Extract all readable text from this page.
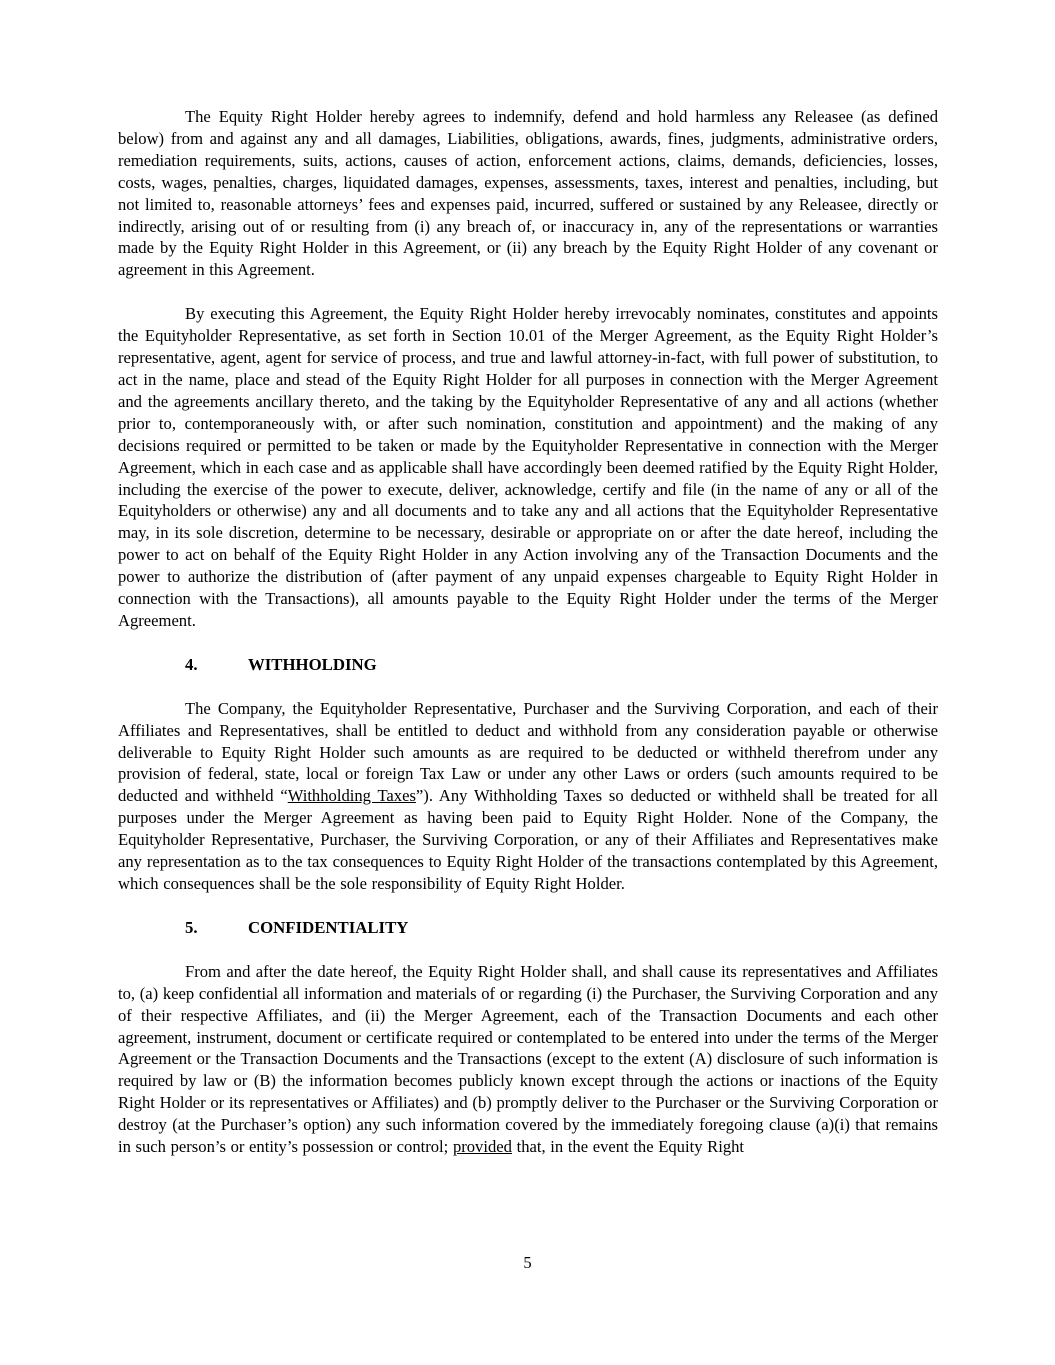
The Equity Right Holder hereby agrees to indemnify, defend and hold harmless any Releasee (as defined below) from and against any and all damages, Liabilities, obligations, awards, fines, judgments, administrative orders, remediation requirements, suits, actions, causes of action, enforcement actions, claims, demands, deficiencies, losses, costs, wages, penalties, charges, liquidated damages, expenses, assessments, taxes, interest and penalties, including, but not limited to, reasonable attorneys’ fees and expenses paid, incurred, suffered or sustained by any Releasee, directly or indirectly, arising out of or resulting from (i) any breach of, or inaccuracy in, any of the representations or warranties made by the Equity Right Holder in this Agreement, or (ii) any breach by the Equity Right Holder of any covenant or agreement in this Agreement.

By executing this Agreement, the Equity Right Holder hereby irrevocably nominates, constitutes and appoints the Equityholder Representative, as set forth in Section 10.01 of the Merger Agreement, as the Equity Right Holder’s representative, agent, agent for service of process, and true and lawful attorney-in-fact, with full power of substitution, to act in the name, place and stead of the Equity Right Holder for all purposes in connection with the Merger Agreement and the agreements ancillary thereto, and the taking by the Equityholder Representative of any and all actions (whether prior to, contemporaneously with, or after such nomination, constitution and appointment) and the making of any decisions required or permitted to be taken or made by the Equityholder Representative in connection with the Merger Agreement, which in each case and as applicable shall have accordingly been deemed ratified by the Equity Right Holder, including the exercise of the power to execute, deliver, acknowledge, certify and file (in the name of any or all of the Equityholders or otherwise) any and all documents and to take any and all actions that the Equityholder Representative may, in its sole discretion, determine to be necessary, desirable or appropriate on or after the date hereof, including the power to act on behalf of the Equity Right Holder in any Action involving any of the Transaction Documents and the power to authorize the distribution of (after payment of any unpaid expenses chargeable to Equity Right Holder in connection with the Transactions), all amounts payable to the Equity Right Holder under the terms of the Merger Agreement.

4.	WITHHOLDING

The Company, the Equityholder Representative, Purchaser and the Surviving Corporation, and each of their Affiliates and Representatives, shall be entitled to deduct and withhold from any consideration payable or otherwise deliverable to Equity Right Holder such amounts as are required to be deducted or withheld therefrom under any provision of federal, state, local or foreign Tax Law or under any other Laws or orders (such amounts required to be deducted and withheld “Withholding Taxes”). Any Withholding Taxes so deducted or withheld shall be treated for all purposes under the Merger Agreement as having been paid to Equity Right Holder. None of the Company, the Equityholder Representative, Purchaser, the Surviving Corporation, or any of their Affiliates and Representatives make any representation as to the tax consequences to Equity Right Holder of the transactions contemplated by this Agreement, which consequences shall be the sole responsibility of Equity Right Holder.

5.	CONFIDENTIALITY

From and after the date hereof, the Equity Right Holder shall, and shall cause its representatives and Affiliates to, (a) keep confidential all information and materials of or regarding (i) the Purchaser, the Surviving Corporation and any of their respective Affiliates, and (ii) the Merger Agreement, each of the Transaction Documents and each other agreement, instrument, document or certificate required or contemplated to be entered into under the terms of the Merger Agreement or the Transaction Documents and the Transactions (except to the extent (A) disclosure of such information is required by law or (B) the information becomes publicly known except through the actions or inactions of the Equity Right Holder or its representatives or Affiliates) and (b) promptly deliver to the Purchaser or the Surviving Corporation or destroy (at the Purchaser’s option) any such information covered by the immediately foregoing clause (a)(i) that remains in such person’s or entity’s possession or control; provided that, in the event the Equity Right

5
